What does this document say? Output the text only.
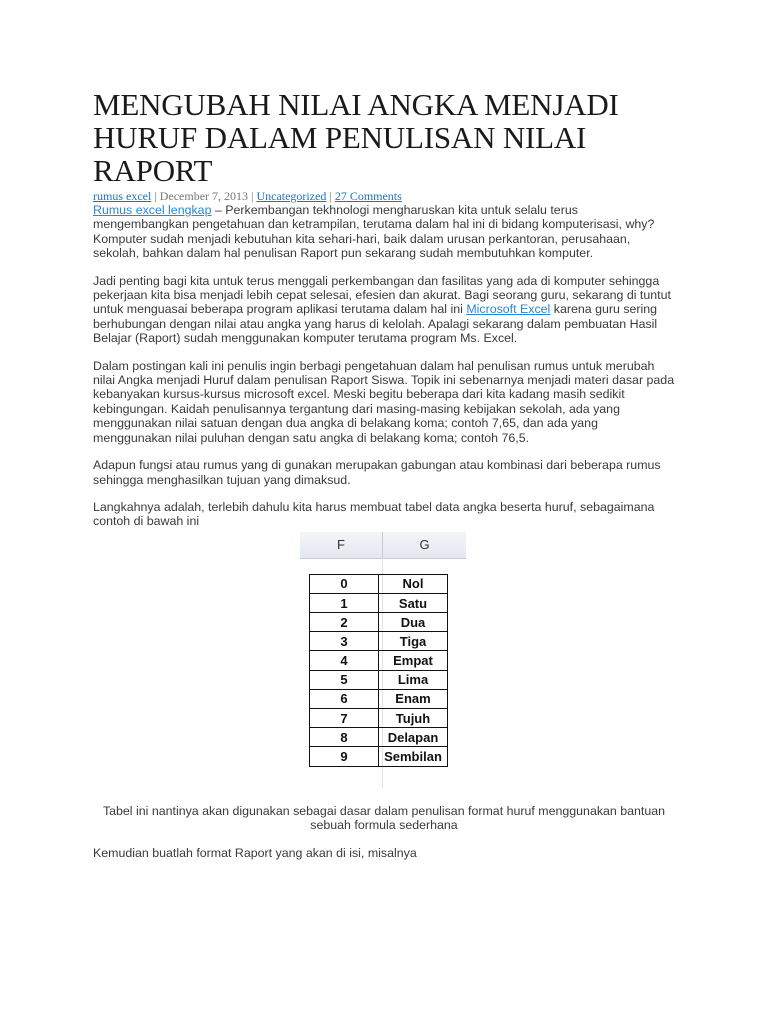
MENGUBAH NILAI ANGKA MENJADI HURUF DALAM PENULISAN NILAI RAPORT
rumus excel | December 7, 2013 | Uncategorized | 27 Comments

Rumus excel lengkap – Perkembangan tekhnologi mengharuskan kita untuk selalu terus mengembangkan pengetahuan dan ketrampilan, terutama dalam hal ini di bidang komputerisasi, why? Komputer sudah menjadi kebutuhan kita sehari-hari, baik dalam urusan perkantoran, perusahaan, sekolah, bahkan dalam hal penulisan Raport pun sekarang sudah membutuhkan komputer.

Jadi penting bagi kita untuk terus menggali perkembangan dan fasilitas yang ada di komputer sehingga pekerjaan kita bisa menjadi lebih cepat selesai, efesien dan akurat. Bagi seorang guru, sekarang di tuntut untuk menguasai beberapa program aplikasi terutama dalam hal ini Microsoft Excel karena guru sering berhubungan dengan nilai atau angka yang harus di kelolah. Apalagi sekarang dalam pembuatan Hasil Belajar (Raport) sudah menggunakan komputer terutama program Ms. Excel.

Dalam postingan kali ini penulis ingin berbagi pengetahuan dalam hal penulisan rumus untuk merubah nilai Angka menjadi Huruf dalam penulisan Raport Siswa. Topik ini sebenarnya menjadi materi dasar pada kebanyakan kursus-kursus microsoft excel. Meski begitu beberapa dari kita kadang masih sedikit kebingungan. Kaidah penulisannya tergantung dari masing-masing kebijakan sekolah, ada yang menggunakan nilai satuan dengan dua angka di belakang koma; contoh 7,65, dan ada yang menggunakan nilai puluhan dengan satu angka di belakang koma; contoh 76,5.

Adapun fungsi atau rumus yang di gunakan merupakan gabungan atau kombinasi dari beberapa rumus sehingga menghasilkan tujuan yang dimaksud.

Langkahnya adalah, terlebih dahulu kita harus membuat tabel data angka beserta huruf, sebagaimana contoh di bawah ini

F	G
0	Nol
1	Satu
2	Dua
3	Tiga
4	Empat
5	Lima
6	Enam
7	Tujuh
8	Delapan
9	Sembilan
Tabel ini nantinya akan digunakan sebagai dasar dalam penulisan format huruf menggunakan bantuan sebuah formula sederhana

Kemudian buatlah format Raport yang akan di isi, misalnya
